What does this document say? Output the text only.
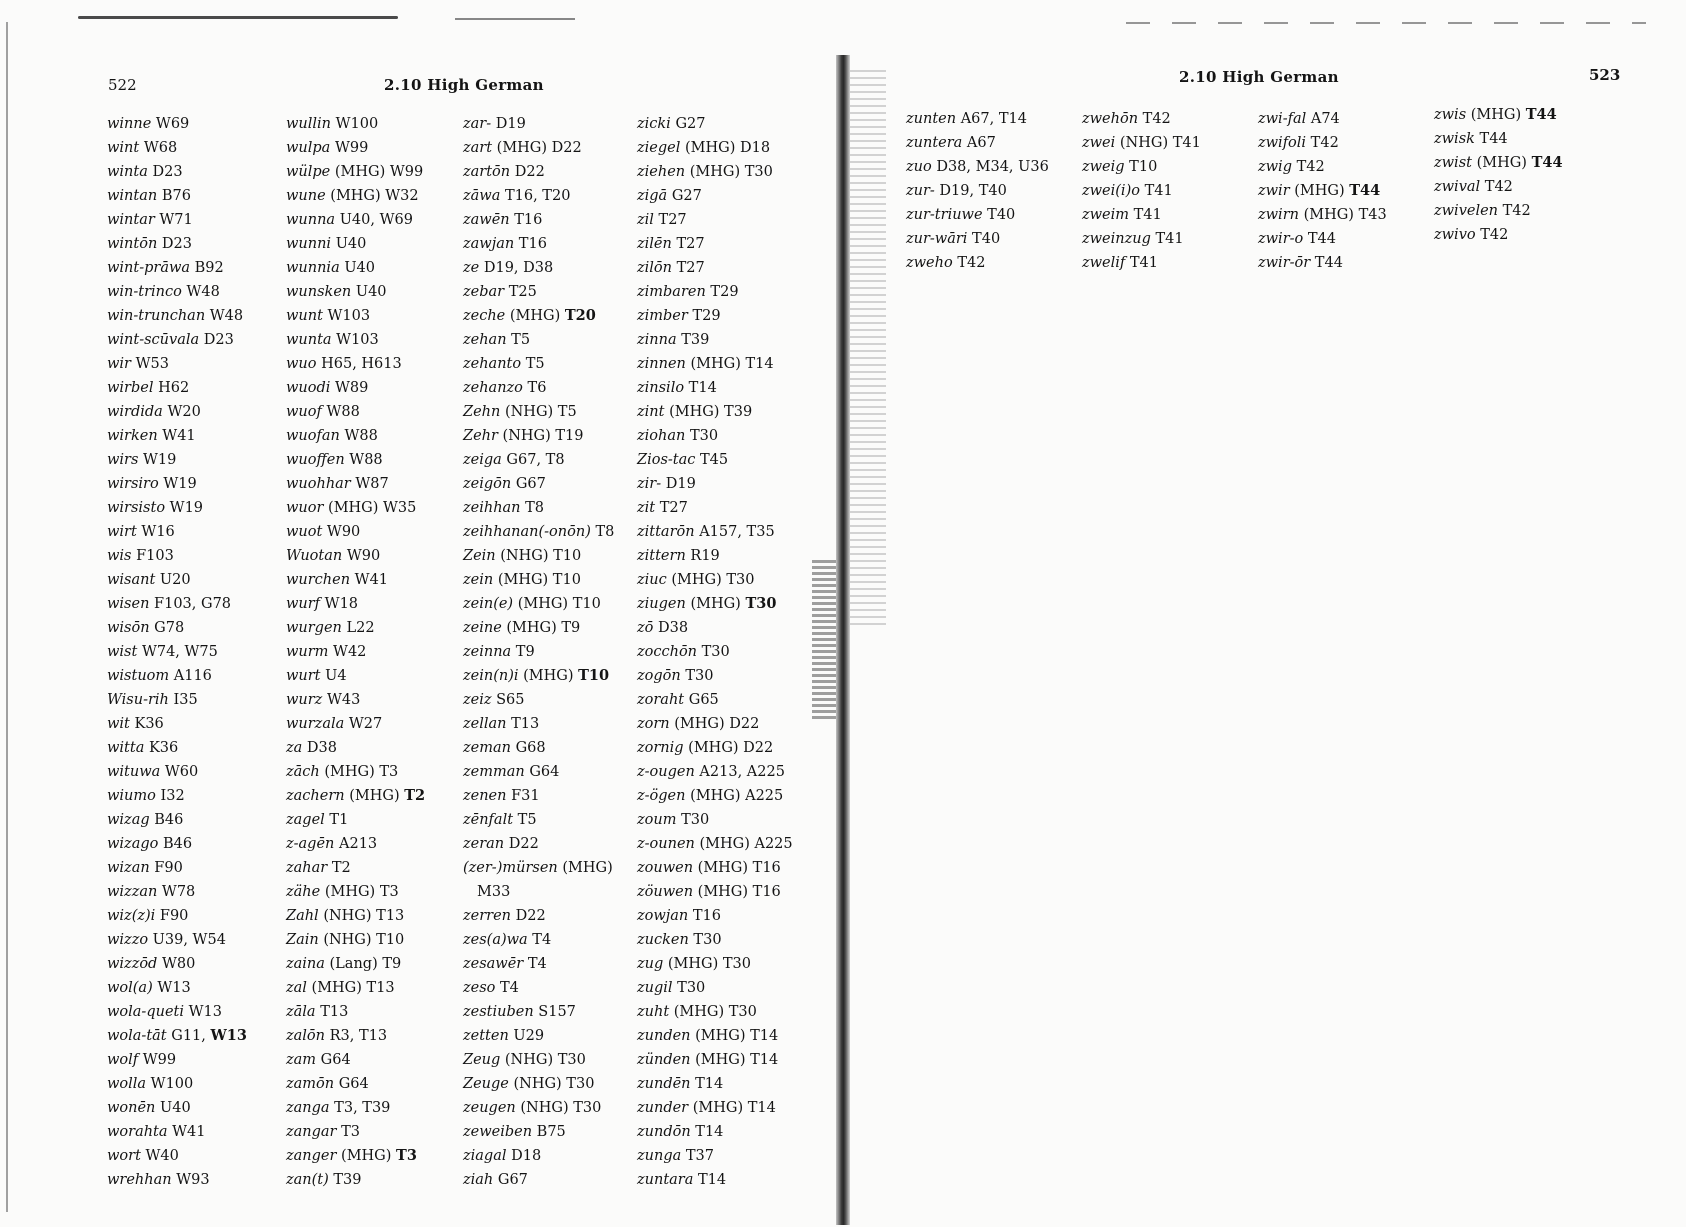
522	2.10 High German
winne W69
wint W68
winta D23
wintan B76
wintar W71
wintōn D23
wint-prāwa B92
win-trinco W48
win-trunchan W48
wint-scūvala D23
wir W53
wirbel H62
wirdida W20
wirken W41
wirs W19
wirsiro W19
wirsisto W19
wirt W16
wis F103
wisant U20
wisen F103, G78
wisōn G78
wist W74, W75
wistuom A116
Wisu-rih I35
wit K36
witta K36
wituwa W60
wiumo I32
wizag B46
wizago B46
wizan F90
wizzan W78
wiz(z)i F90
wizzo U39, W54
wizzōd W80
wol(a) W13
wola-queti W13
wola-tāt G11, W13
wolf W99
wolla W100
wonēn U40
worahta W41
wort W40
wrehhan W93
wullin W100
wulpa W99
wülpe (MHG) W99
wune (MHG) W32
wunna U40, W69
wunni U40
wunnia U40
wunsken U40
wunt W103
wunta W103
wuo H65, H613
wuodi W89
wuof W88
wuofan W88
wuoffen W88
wuohhar W87
wuor (MHG) W35
wuot W90
Wuotan W90
wurchen W41
wurf W18
wurgen L22
wurm W42
wurt U4
wurz W43
wurzala W27
za D38
zāch (MHG) T3
zachern (MHG) T2
zagel T1
z-agēn A213
zahar T2
zähe (MHG) T3
Zahl (NHG) T13
Zain (NHG) T10
zaina (Lang) T9
zal (MHG) T13
zāla T13
zalōn R3, T13
zam G64
zamōn G64
zanga T3, T39
zangar T3
zanger (MHG) T3
zan(t) T39
zar- D19
zart (MHG) D22
zartōn D22
zāwa T16, T20
zawēn T16
zawjan T16
ze D19, D38
zebar T25
zeche (MHG) T20
zehan T5
zehanto T5
zehanzo T6
Zehn (NHG) T5
Zehr (NHG) T19
zeiga G67, T8
zeigōn G67
zeihhan T8
zeihhanan(-onōn) T8
Zein (NHG) T10
zein (MHG) T10
zein(e) (MHG) T10
zeine (MHG) T9
zeinna T9
zein(n)i (MHG) T10
zeiz S65
zellan T13
zeman G68
zemman G64
zenen F31
zēnfalt T5
zeran D22
(zer-)mürsen (MHG)
M33
zerren D22
zes(a)wa T4
zesawēr T4
zeso T4
zestiuben S157
zetten U29
Zeug (NHG) T30
Zeuge (NHG) T30
zeugen (NHG) T30
zeweiben B75
ziagal D18
ziah G67
zicki G27
ziegel (MHG) D18
ziehen (MHG) T30
zigā G27
zil T27
zilēn T27
zilōn T27
zimbaren T29
zimber T29
zinna T39
zinnen (MHG) T14
zinsilo T14
zint (MHG) T39
ziohan T30
Zios-tac T45
zir- D19
zit T27
zittarōn A157, T35
zittern R19
ziuc (MHG) T30
ziugen (MHG) T30
zō D38
zocchōn T30
zogōn T30
zoraht G65
zorn (MHG) D22
zornig (MHG) D22
z-ougen A213, A225
z-ögen (MHG) A225
zoum T30
z-ounen (MHG) A225
zouwen (MHG) T16
zöuwen (MHG) T16
zowjan T16
zucken T30
zug (MHG) T30
zugil T30
zuht (MHG) T30
zunden (MHG) T14
zünden (MHG) T14
zundēn T14
zunder (MHG) T14
zundōn T14
zunga T37
zuntara T14
523
2.10 High German
zunten A67, T14
zuntera A67
zuo D38, M34, U36
zur- D19, T40
zur-triuwe T40
zur-wāri T40
zweho T42
zwehōn T42
zwei (NHG) T41
zweig T10
zwei(i)o T41
zweim T41
zweinzug T41
zwelif T41
zwi-fal A74
zwifoli T42
zwig T42
zwir (MHG) T44
zwirn (MHG) T43
zwir-o T44
zwir-ōr T44
zwis (MHG) T44
zwisk T44
zwist (MHG) T44
zwival T42
zwivelen T42
zwivo T42
